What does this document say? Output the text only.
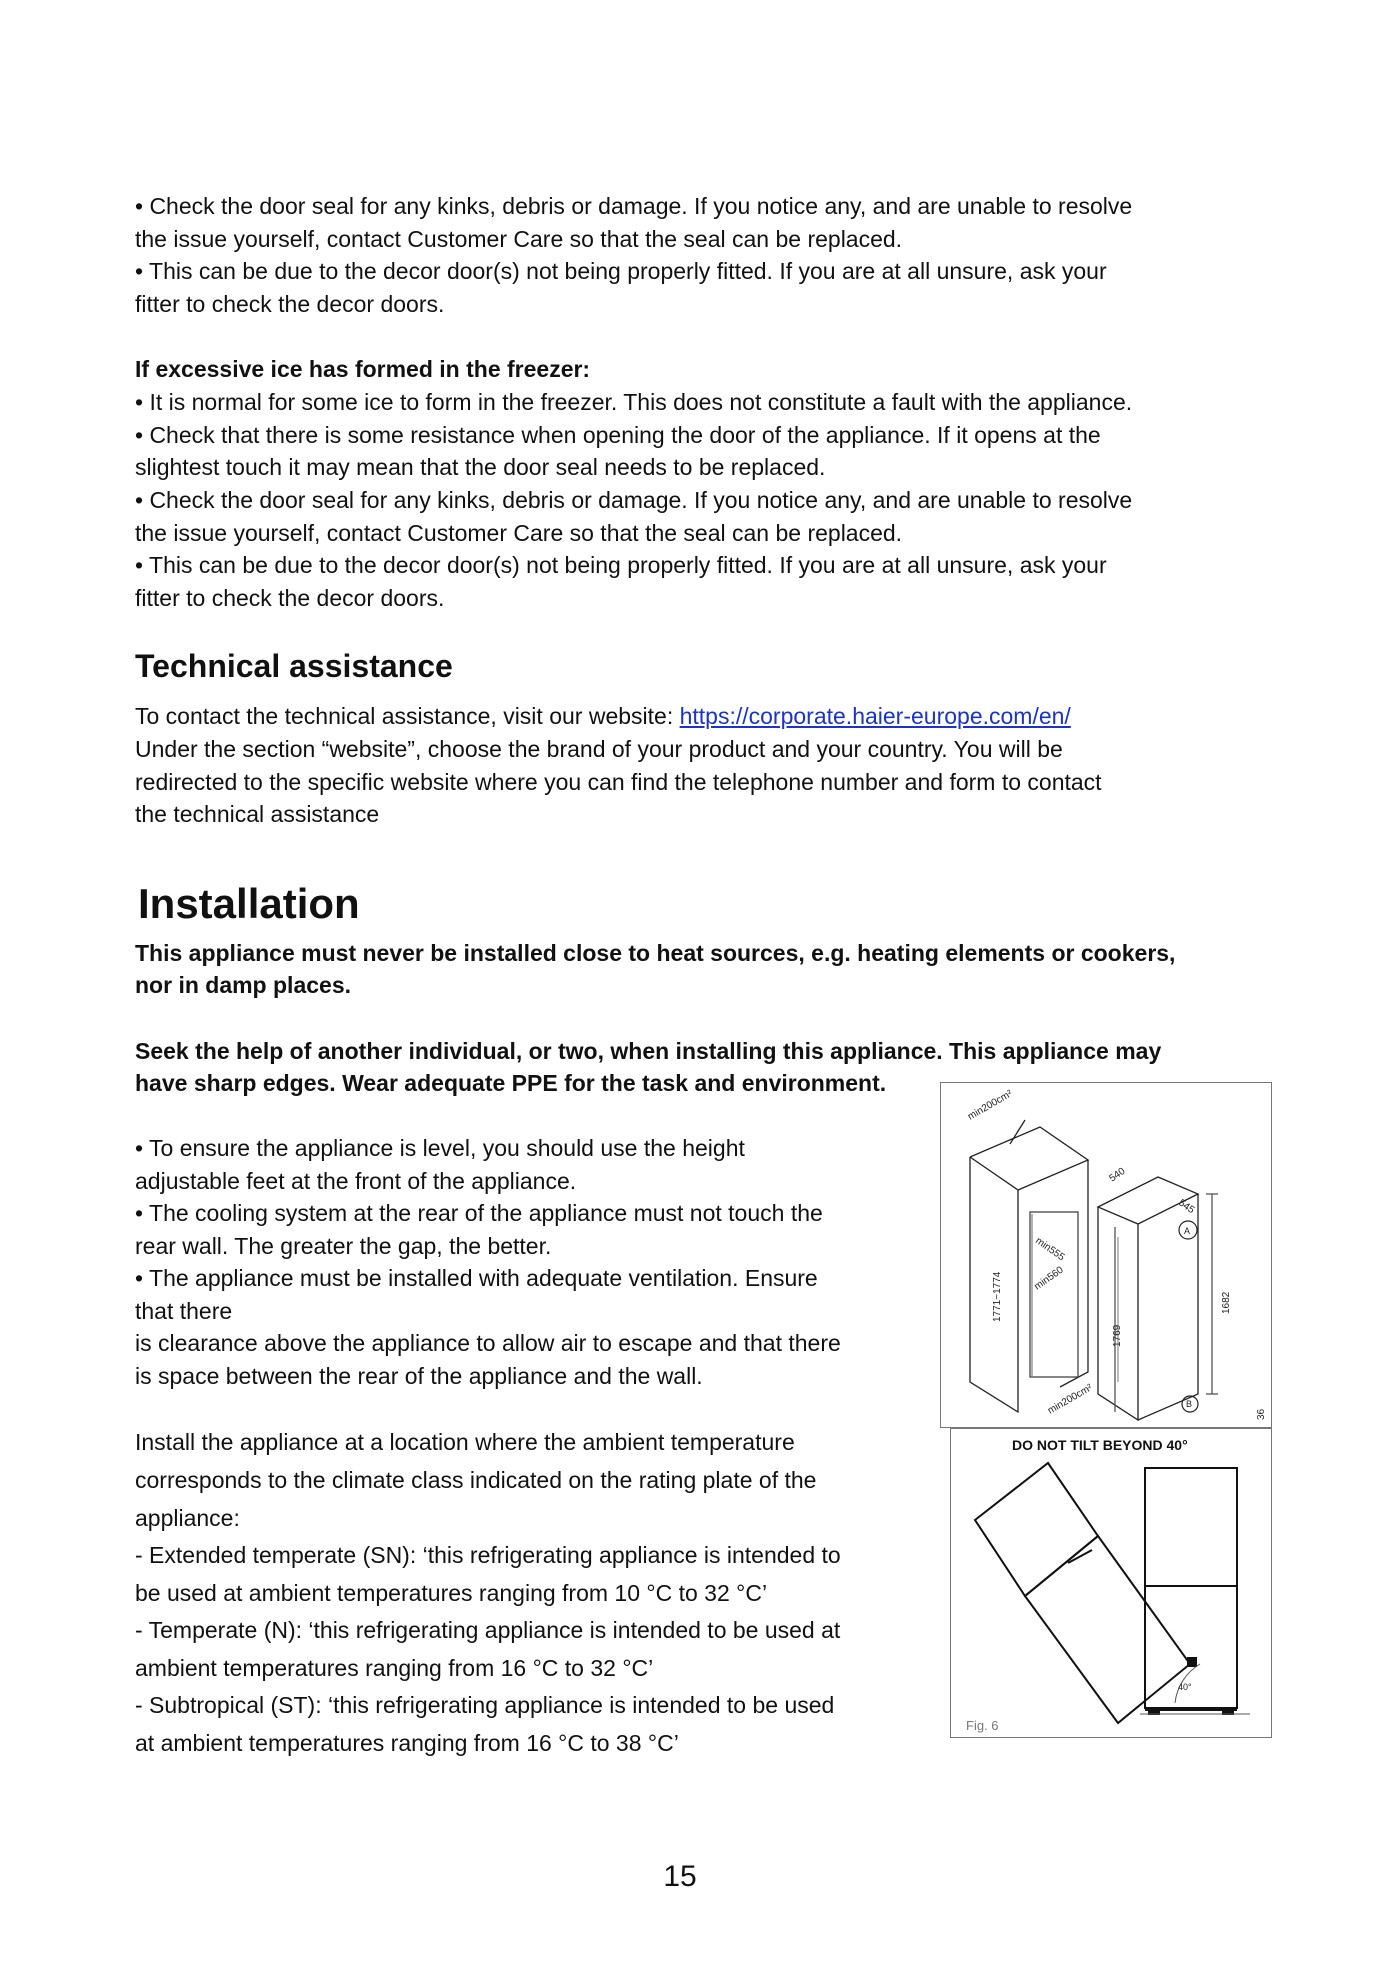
• Check the door seal for any kinks, debris or damage. If you notice any, and are unable to resolve
the issue yourself, contact Customer Care so that the seal can be replaced.
• This can be due to the decor door(s) not being properly fitted. If you are at all unsure, ask your
fitter to check the decor doors.
If excessive ice has formed in the freezer:
• It is normal for some ice to form in the freezer. This does not constitute a fault with the appliance.
• Check that there is some resistance when opening the door of the appliance. If it opens at the
slightest touch it may mean that the door seal needs to be replaced.
• Check the door seal for any kinks, debris or damage. If you notice any, and are unable to resolve
the issue yourself, contact Customer Care so that the seal can be replaced.
• This can be due to the decor door(s) not being properly fitted. If you are at all unsure, ask your
fitter to check the decor doors.
Technical assistance
To contact the technical assistance, visit our website: https://corporate.haier-europe.com/en/
Under the section “website”, choose the brand of your product and your country. You will be
redirected to the specific website where you can find the telephone number and form to contact
the technical assistance
Installation
This appliance must never be installed close to heat sources, e.g. heating elements or cookers,
nor in damp places.
Seek the help of another individual, or two, when installing this appliance. This appliance may
have sharp edges. Wear adequate PPE for the task and environment.
• To ensure the appliance is level, you should use the height
adjustable feet at the front of the appliance.
• The cooling system at the rear of the appliance must not touch the
rear wall. The greater the gap, the better.
• The appliance must be installed with adequate ventilation. Ensure
that there
is clearance above the appliance to allow air to escape and that there
is space between the rear of the appliance and the wall.
Install the appliance at a location where the ambient temperature
corresponds to the climate class indicated on the rating plate of the
appliance:
- Extended temperate (SN): ‘this refrigerating appliance is intended to
be used at ambient temperatures ranging from 10 °C to 32 °C’
- Temperate (N): ‘this refrigerating appliance is intended to be used at
ambient temperatures ranging from 16 °C to 32 °C’
- Subtropical (ST): ‘this refrigerating appliance is intended to be used
at ambient temperatures ranging from 16 °C to 38 °C’
min200cm²
540
545
min555
min560
1771~1774
1769
1682
36
min200cm²
A
B
DO NOT TILT BEYOND 40°
40°
Fig. 6
15
